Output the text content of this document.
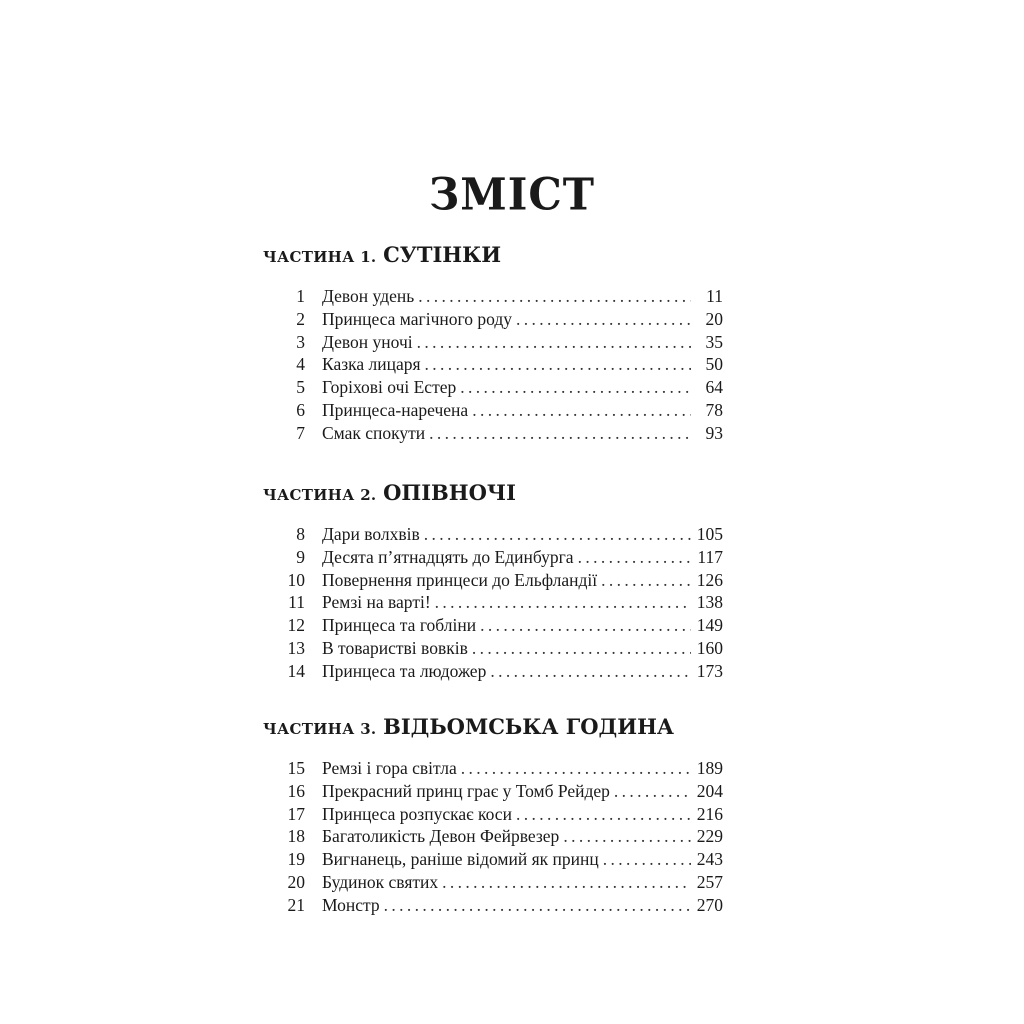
ЗМІСТ
ЧАСТИНА 1. СУТІНКИ
1 Девон удень . . .	11
2 Принцеса магічного роду . . .	20
3 Девон уночі . . .	35
4 Казка лицаря . . .	50
5 Горіхові очі Естер . . .	64
6 Принцеса-наречена . . .	78
7 Смак спокути . . .	93
ЧАСТИНА 2. ОПІВНОЧІ
8 Дари волхвів . . .	105
9 Десята п’ятнадцять до Единбурга . . .	117
10 Повернення принцеси до Ельфландії . . .	126
11 Ремзі на варті! . . .	138
12 Принцеса та гобліни . . .	149
13 В товаристві вовків . . .	160
14 Принцеса та людожер . . .	173
ЧАСТИНА 3. ВІДЬОМСЬКА ГОДИНА
15 Ремзі і гора світла . . .	189
16 Прекрасний принц грає у Томб Рейдер . . .	204
17 Принцеса розпускає коси . . .	216
18 Багатоликість Девон Фейрвезер . . .	229
19 Вигнанець, раніше відомий як принц . . .	243
20 Будинок святих . . .	257
21 Монстр . . .	270
